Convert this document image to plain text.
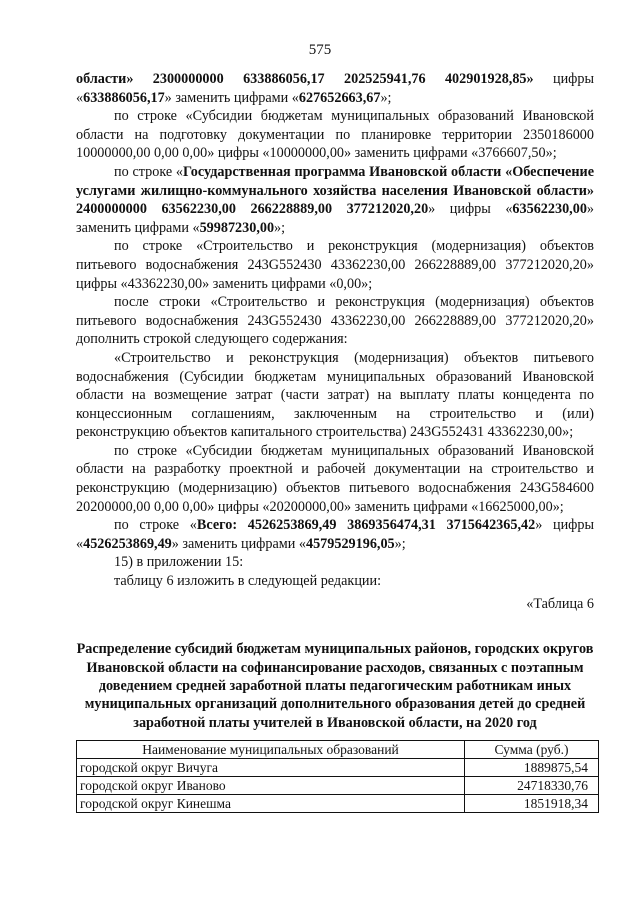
575

области» 2300000000 633886056,17 202525941,76 402901928,85» цифры «633886056,17» заменить цифрами «627652663,67»;

по строке «Субсидии бюджетам муниципальных образований Ивановской области на подготовку документации по планировке территории 2350186000 10000000,00 0,00 0,00» цифры «10000000,00» заменить цифрами «3766607,50»;

по строке «Государственная программа Ивановской области «Обеспечение услугами жилищно-коммунального хозяйства населения Ивановской области» 2400000000 63562230,00 266228889,00 377212020,20» цифры «63562230,00» заменить цифрами «59987230,00»;

по строке «Строительство и реконструкция (модернизация) объектов питьевого водоснабжения 243G552430 43362230,00 266228889,00 377212020,20» цифры «43362230,00» заменить цифрами «0,00»;

после строки «Строительство и реконструкция (модернизация) объектов питьевого водоснабжения 243G552430 43362230,00 266228889,00 377212020,20» дополнить строкой следующего содержания:

«Строительство и реконструкция (модернизация) объектов питьевого водоснабжения (Субсидии бюджетам муниципальных образований Ивановской области на возмещение затрат (части затрат) на выплату платы концедента по концессионным соглашениям, заключенным на строительство и (или) реконструкцию объектов капитального строительства) 243G552431 43362230,00»;

по строке «Субсидии бюджетам муниципальных образований Ивановской области на разработку проектной и рабочей документации на строительство и реконструкцию (модернизацию) объектов питьевого водоснабжения 243G584600 20200000,00 0,00 0,00» цифры «20200000,00» заменить цифрами «16625000,00»;

по строке «Всего: 4526253869,49 3869356474,31 3715642365,42» цифры «4526253869,49» заменить цифрами «4579529196,05»;

15) в приложении 15:

таблицу 6 изложить в следующей редакции:

«Таблица 6

Распределение субсидий бюджетам муниципальных районов, городских округов Ивановской области на софинансирование расходов, связанных с поэтапным доведением средней заработной платы педагогическим работникам иных муниципальных организаций дополнительного образования детей до средней заработной платы учителей в Ивановской области, на 2020 год

Наименование муниципальных образований	Сумма (руб.)
городской округ Вичуга	1889875,54
городской округ Иваново	24718330,76
городской округ Кинешма	1851918,34
